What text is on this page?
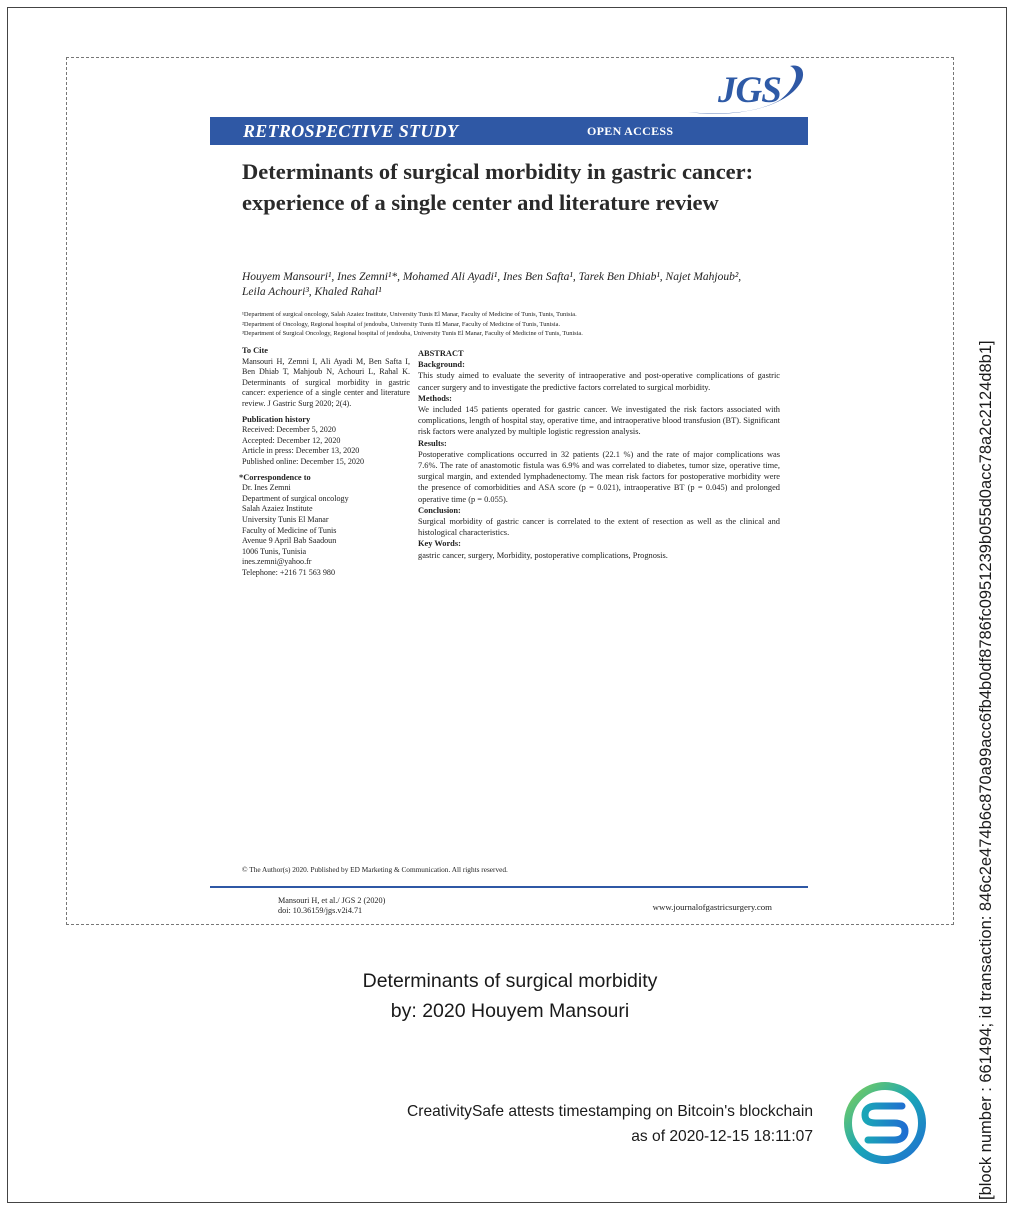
JGS
RETROSPECTIVE STUDY	OPEN ACCESS
Determinants of surgical morbidity in gastric cancer: experience of a single center and literature review
Houyem Mansouri¹, Ines Zemni¹*, Mohamed Ali Ayadi¹, Ines Ben Safta¹, Tarek Ben Dhiab¹, Najet Mahjoub²,
Leila Achouri³, Khaled Rahal¹
¹Department of surgical oncology, Salah Azaiez Institute, University Tunis El Manar, Faculty of Medicine of Tunis, Tunis, Tunisia.
²Department of Oncology, Regional hospital of jendouba, University Tunis El Manar, Faculty of Medicine of Tunis, Tunisia.
³Department of Surgical Oncology, Regional hospital of jendouba, University Tunis El Manar, Faculty of Medicine of Tunis, Tunisia.
To Cite
Mansouri H, Zemni I, Ali Ayadi M, Ben Safta I, Ben Dhiab T, Mahjoub N, Achouri L, Rahal K. Determinants of surgical morbidity in gastric cancer: experience of a single center and literature review. J Gastric Surg 2020; 2(4).
Publication history
Received: December 5, 2020
Accepted: December 12, 2020
Article in press: December 13, 2020
Published online: December 15, 2020
*Correspondence to
Dr. Ines Zemni
Department of surgical oncology
Salah Azaiez Institute
University Tunis El Manar
Faculty of Medicine of Tunis
Avenue 9 April Bab Saadoun
1006 Tunis, Tunisia
ines.zemni@yahoo.fr
Telephone: +216 71 563 980
ABSTRACT
Background:
This study aimed to evaluate the severity of intraoperative and post-operative complications of gastric cancer surgery and to investigate the predictive factors correlated to surgical morbidity.
Methods:
We included 145 patients operated for gastric cancer. We investigated the risk factors associated with complications, length of hospital stay, operative time, and intraoperative blood transfusion (BT). Significant risk factors were analyzed by multiple logistic regression analysis.
Results:
Postoperative complications occurred in 32 patients (22.1 %) and the rate of major complications was 7.6%. The rate of anastomotic fistula was 6.9% and was correlated to diabetes, tumor size, operative time, surgical margin, and extended lymphadenectomy. The mean risk factors for postoperative morbidity were the presence of comorbidities and ASA score (p = 0.021), intraoperative BT (p = 0.045) and prolonged operative time (p = 0.055).
Conclusion:
Surgical morbidity of gastric cancer is correlated to the extent of resection as well as the clinical and histological characteristics.
Key Words:
gastric cancer, surgery, Morbidity, postoperative complications, Prognosis.
© The Author(s) 2020. Published by ED Marketing & Communication. All rights reserved.
Mansouri H, et al./ JGS 2 (2020)
doi: 10.36159/jgs.v2i4.71	www.journalofgastricsurgery.com
Determinants of surgical morbidity
by: 2020 Houyem Mansouri
CreativitySafe attests timestamping on Bitcoin's blockchain
as of 2020-12-15 18:11:07	[block number : 661494; id transaction: 846c2e474b6c870a99acc6fb4b0df8786fc0951239b055d0acc78a2c2124d8b1]
